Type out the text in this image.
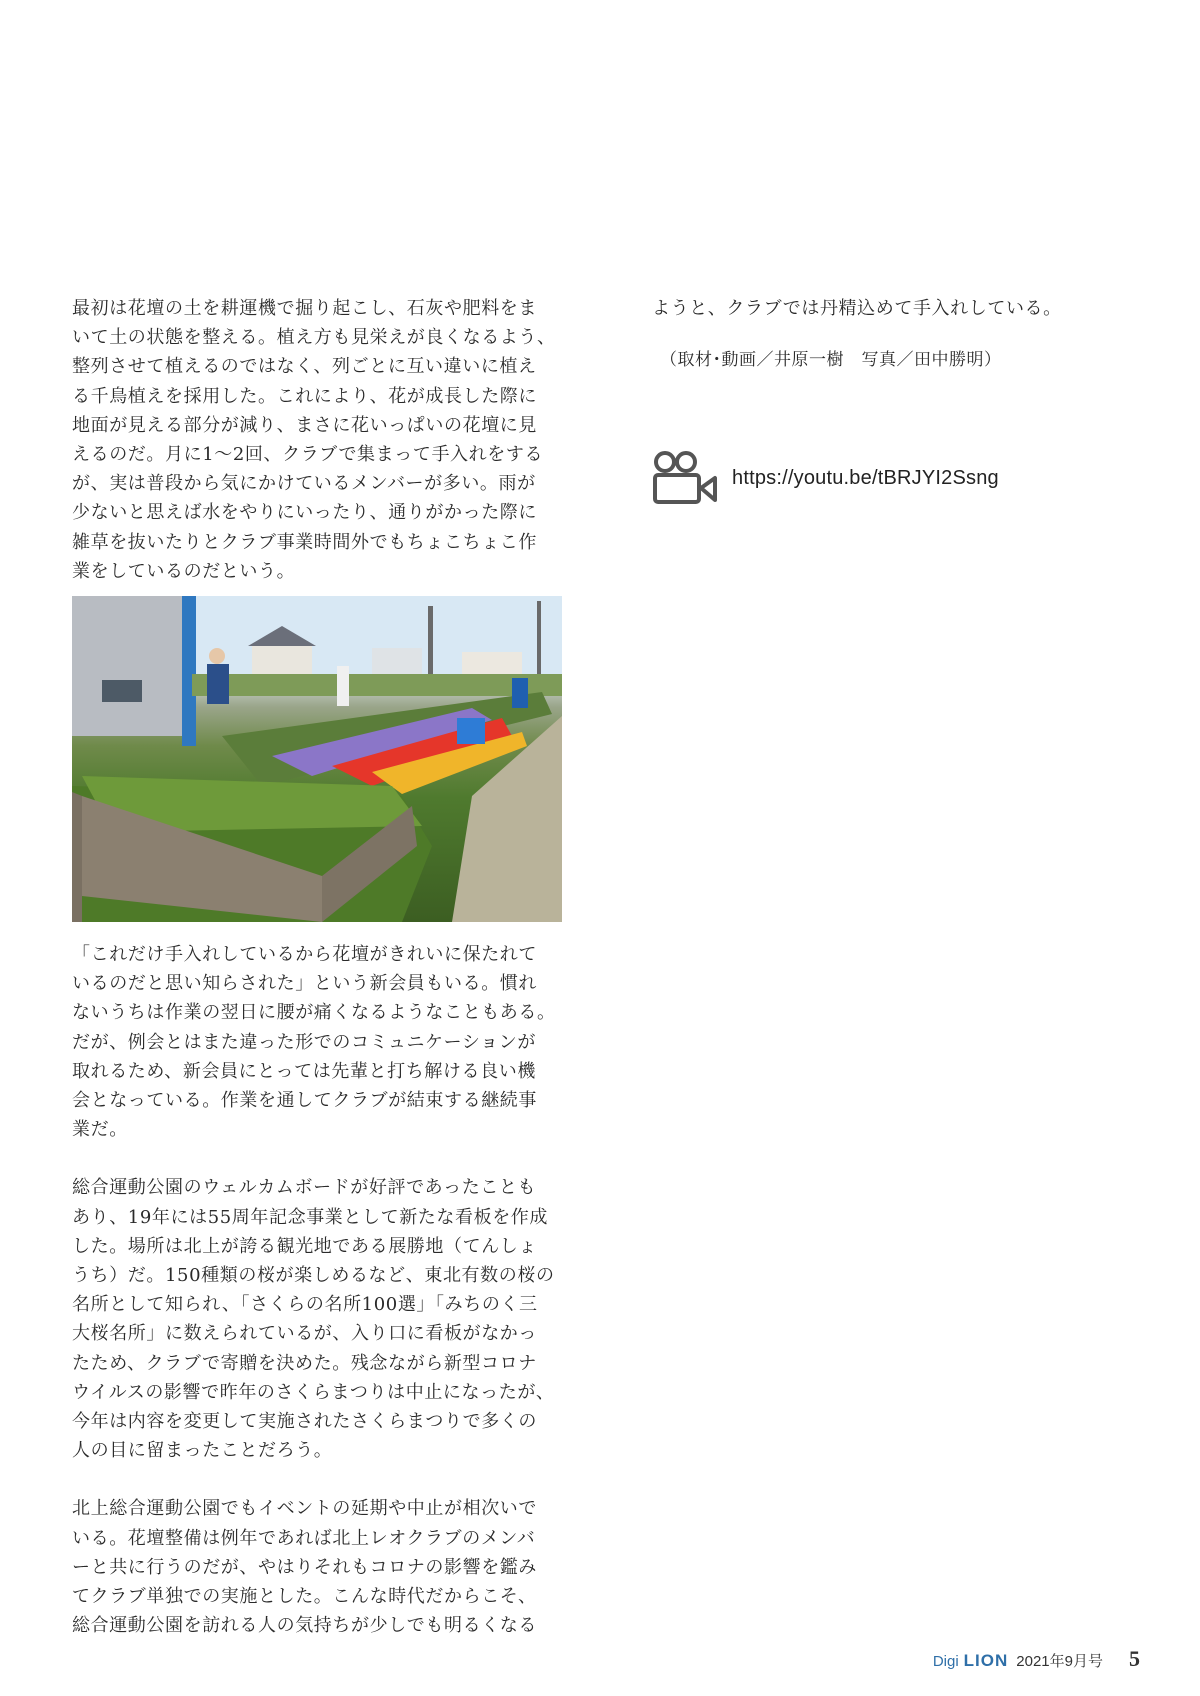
最初は花壇の土を耕運機で掘り起こし、石灰や肥料をま
いて土の状態を整える。植え方も見栄えが良くなるよう、
整列させて植えるのではなく、列ごとに互い違いに植え
る千鳥植えを採用した。これにより、花が成長した際に
地面が見える部分が減り、まさに花いっぱいの花壇に見
えるのだ。月に1〜2回、クラブで集まって手入れをする
が、実は普段から気にかけているメンバーが多い。雨が
少ないと思えば水をやりにいったり、通りがかった際に
雑草を抜いたりとクラブ事業時間外でもちょこちょこ作
業をしているのだという。

「これだけ手入れしているから花壇がきれいに保たれて
いるのだと思い知らされた」という新会員もいる。慣れ
ないうちは作業の翌日に腰が痛くなるようなこともある。
だが、例会とはまた違った形でのコミュニケーションが
取れるため、新会員にとっては先輩と打ち解ける良い機
会となっている。作業を通してクラブが結束する継続事
業だ。

総合運動公園のウェルカムボードが好評であったことも
あり、19年には55周年記念事業として新たな看板を作成
した。場所は北上が誇る観光地である展勝地（てんしょ
うち）だ。150種類の桜が楽しめるなど、東北有数の桜の
名所として知られ、「さくらの名所100選」「みちのく三
大桜名所」に数えられているが、入り口に看板がなかっ
たため、クラブで寄贈を決めた。残念ながら新型コロナ
ウイルスの影響で昨年のさくらまつりは中止になったが、
今年は内容を変更して実施されたさくらまつりで多くの
人の目に留まったことだろう。

北上総合運動公園でもイベントの延期や中止が相次いで
いる。花壇整備は例年であれば北上レオクラブのメンバ
ーと共に行うのだが、やはりそれもコロナの影響を鑑み
てクラブ単独での実施とした。こんな時代だからこそ、
総合運動公園を訪れる人の気持ちが少しでも明るくなる

ようと、クラブでは丹精込めて手入れしている。

（取材･動画／井原一樹　写真／田中勝明）

https://youtu.be/tBRJYI2Ssng
Digi LION 2021年9月号 5
